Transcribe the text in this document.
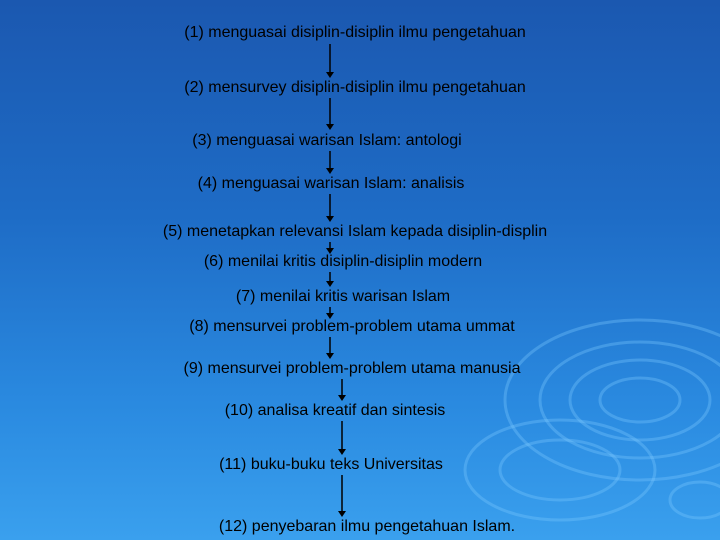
(1) menguasai disiplin-disiplin ilmu pengetahuan
(2) mensurvey disiplin-disiplin ilmu pengetahuan
(3) menguasai warisan Islam: antologi
(4) menguasai warisan Islam: analisis
(5) menetapkan relevansi Islam kepada disiplin-displin
(6) menilai kritis disiplin-disiplin modern
(7) menilai kritis warisan Islam
(8) mensurvei problem-problem utama ummat
(9) mensurvei problem-problem utama manusia
(10) analisa kreatif dan sintesis
(11) buku-buku teks Universitas
(12) penyebaran ilmu pengetahuan Islam.
